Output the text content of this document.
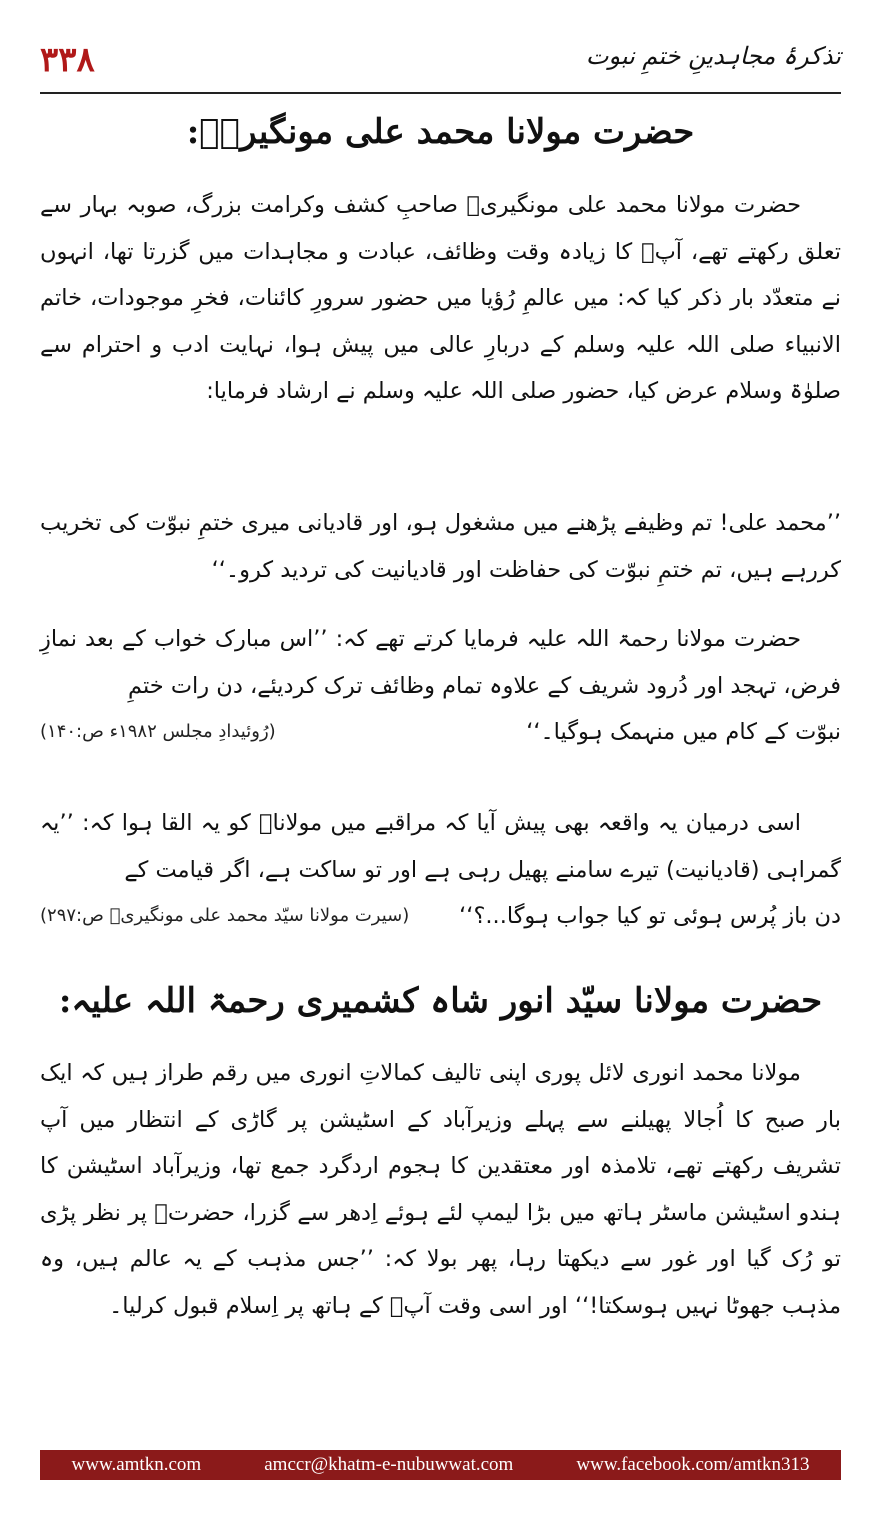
۳۳۸	تذکرۂ مجاہدینِ ختمِ نبوت
حضرت مولانا محمد علی مونگیریؒ:
حضرت مولانا محمد علی مونگیریؒ صاحبِ کشف وکرامت بزرگ، صوبہ بہار سے تعلق رکھتے تھے، آپؒ کا زیادہ وقت وظائف، عبادت و مجاہدات میں گزرتا تھا، انہوں نے متعدّد بار ذکر کیا کہ: میں عالمِ رُؤیا میں حضور سرورِ کائنات، فخرِ موجودات، خاتم الانبیاء صلی اللہ علیہ وسلم کے دربارِ عالی میں پیش ہوا، نہایت ادب و احترام سے صلوٰۃ وسلام عرض کیا، حضور صلی اللہ علیہ وسلم نے ارشاد فرمایا:
’’محمد علی! تم وظیفے پڑھنے میں مشغول ہو، اور قادیانی میری ختمِ نبوّت کی تخریب کررہے ہیں، تم ختمِ نبوّت کی حفاظت اور قادیانیت کی تردید کرو۔‘‘
حضرت مولانا رحمۃ اللہ علیہ فرمایا کرتے تھے کہ: ’’اس مبارک خواب کے بعد نمازِ فرض، تہجد اور دُرود شریف کے علاوہ تمام وظائف ترک کردیئے، دن رات ختمِ
نبوّت کے کام میں منہمک ہوگیا۔‘‘
(رُوئیدادِ مجلس ۱۹۸۲ء ص:۱۴۰)
اسی درمیان یہ واقعہ بھی پیش آیا کہ مراقبے میں مولاناؒ کو یہ القا ہوا کہ: ’’یہ گمراہی (قادیانیت) تیرے سامنے پھیل رہی ہے اور تو ساکت ہے، اگر قیامت کے
دن باز پُرس ہوئی تو کیا جواب ہوگا...؟‘‘
(سیرت مولانا سیّد محمد علی مونگیریؒ ص:۲۹۷)
حضرت مولانا سیّد انور شاہ کشمیری رحمۃ اللہ علیہ:
مولانا محمد انوری لائل پوری اپنی تالیف کمالاتِ انوری میں رقم طراز ہیں کہ ایک بار صبح کا اُجالا پھیلنے سے پہلے وزیرآباد کے اسٹیشن پر گاڑی کے انتظار میں آپ تشریف رکھتے تھے، تلامذہ اور معتقدین کا ہجوم اردگرد جمع تھا، وزیرآباد اسٹیشن کا ہندو اسٹیشن ماسٹر ہاتھ میں بڑا لیمپ لئے ہوئے اِدھر سے گزرا، حضرتؒ پر نظر پڑی تو رُک گیا اور غور سے دیکھتا رہا، پھر بولا کہ: ’’جس مذہب کے یہ عالم ہیں، وہ مذہب جھوٹا نہیں ہوسکتا!‘‘ اور اسی وقت آپؒ کے ہاتھ پر اِسلام قبول کرلیا۔
www.amtkn.com	amccr@khatm-e-nubuwwat.com	www.facebook.com/amtkn313
